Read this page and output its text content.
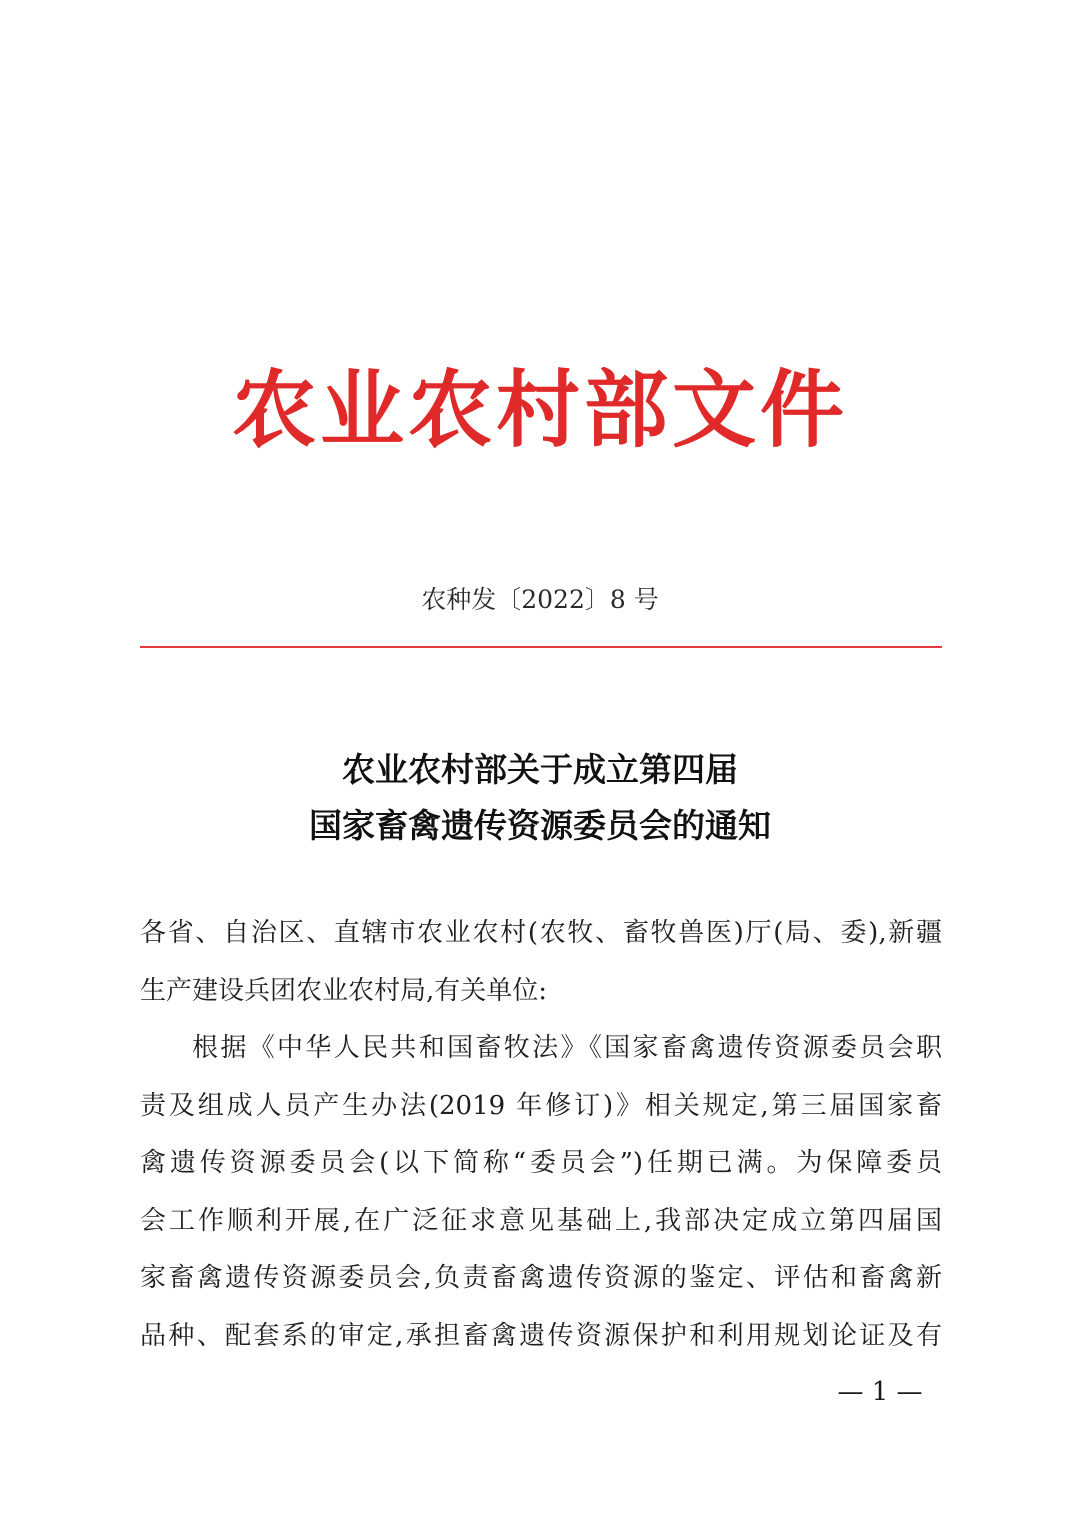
农业农村部文件
农种发〔2022〕8 号
农业农村部关于成立第四届
国家畜禽遗传资源委员会的通知
各省、自治区、直辖市农业农村(农牧、畜牧兽医)厅(局、委),新疆
生产建设兵团农业农村局,有关单位:
根据《中华人民共和国畜牧法》《国家畜禽遗传资源委员会职
责及组成人员产生办法(2019 年修订)》相关规定,第三届国家畜
禽遗传资源委员会(以下简称“委员会”)任期已满。为保障委员
会工作顺利开展,在广泛征求意见基础上,我部决定成立第四届国
家畜禽遗传资源委员会,负责畜禽遗传资源的鉴定、评估和畜禽新
品种、配套系的审定,承担畜禽遗传资源保护和利用规划论证及有
— 1 —
